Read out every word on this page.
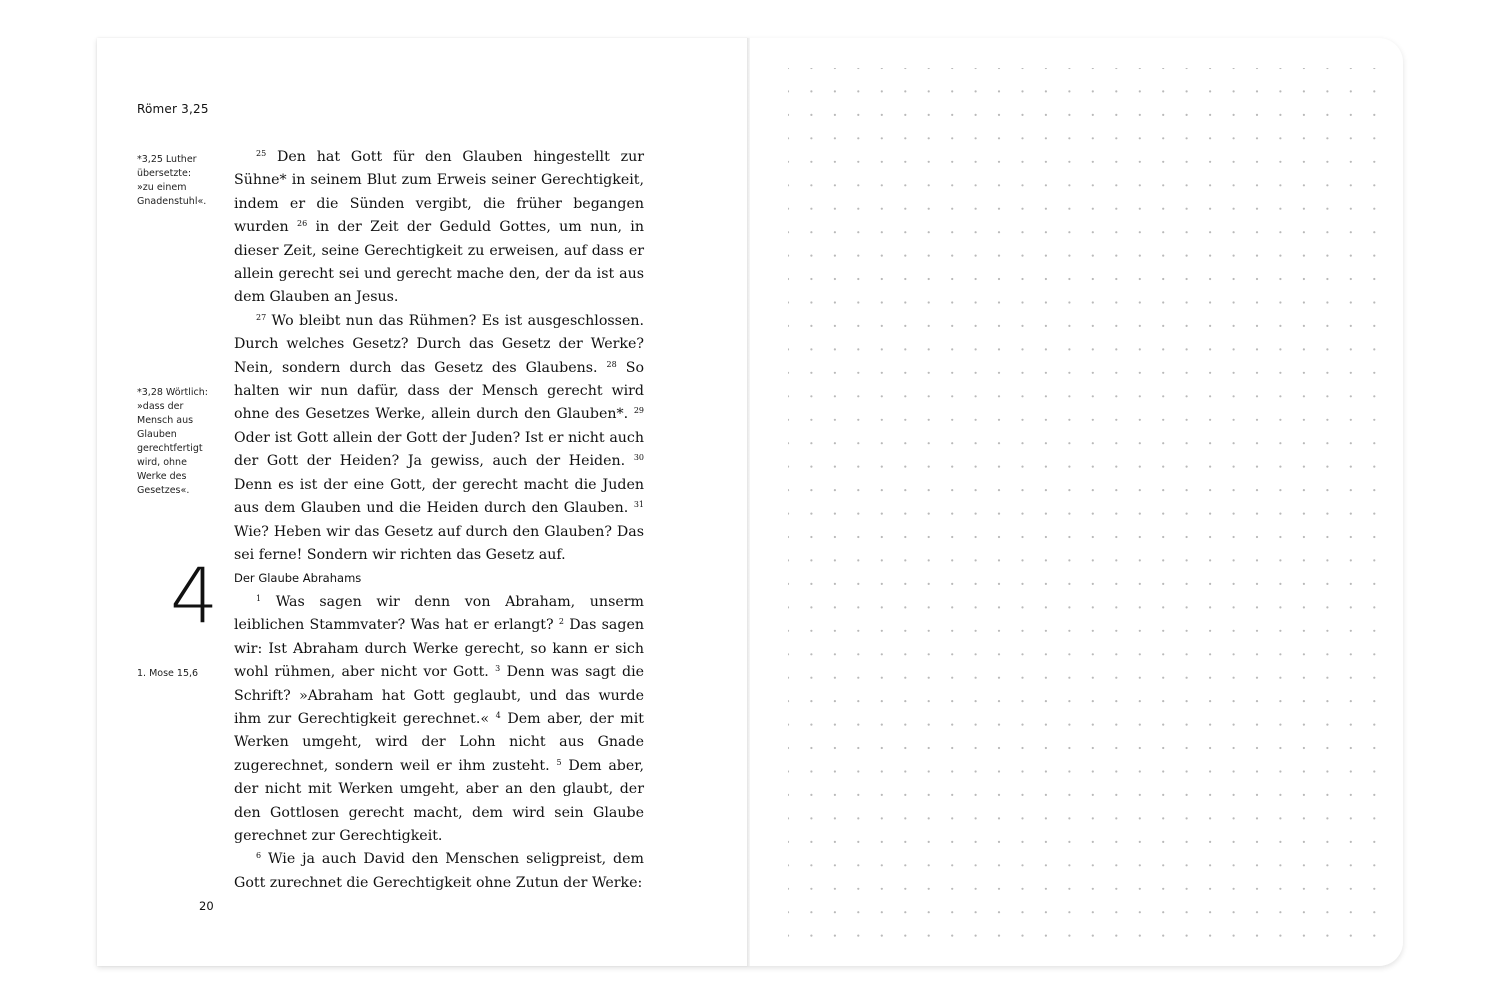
Römer 3,25
*3,25 Luther
übersetzte:
»zu einem
Gnadenstuhl«.
*3,28 Wörtlich:
»dass der
Mensch aus
Glauben
gerechtfertigt
wird, ohne
Werke des
Gesetzes«.
1. Mose 15,6

$^{25}$ Den hat Gott für den Glauben hingestellt zur Sühne* in seinem Blut zum Erweis seiner Gerechtigkeit, indem er die Sünden vergibt, die früher begangen wurden $^{26}$ in der Zeit der Geduld Gottes, um nun, in dieser Zeit, seine Gerechtigkeit zu erweisen, auf dass er allein gerecht sei und gerecht mache den, der da ist aus dem Glauben an Jesus.

$^{27}$ Wo bleibt nun das Rühmen? Es ist ausgeschlossen. Durch welches Gesetz? Durch das Gesetz der Werke? Nein, sondern durch das Gesetz des Glaubens. $^{28}$ So halten wir nun dafür, dass der Mensch gerecht wird ohne des Gesetzes Werke, allein durch den Glauben*. $^{29}$ Oder ist Gott allein der Gott der Juden? Ist er nicht auch der Gott der Heiden? Ja gewiss, auch der Heiden. $^{30}$ Denn es ist der eine Gott, der gerecht macht die Juden aus dem Glauben und die Heiden durch den Glauben. $^{31}$ Wie? Heben wir das Gesetz auf durch den Glauben? Das sei ferne! Sondern wir richten das Gesetz auf.

4 Der Glaube Abrahams

$^1$ Was sagen wir denn von Abraham, unserm leiblichen Stammvater? Was hat er erlangt? $^2$ Das sagen wir: Ist Abraham durch Werke gerecht, so kann er sich wohl rühmen, aber nicht vor Gott. $^3$ Denn was sagt die Schrift? »Abraham hat Gott geglaubt, und das wurde ihm zur Gerechtigkeit gerechnet.« $^4$ Dem aber, der mit Werken umgeht, wird der Lohn nicht aus Gnade zugerechnet, sondern weil er ihm zusteht. $^5$ Dem aber, der nicht mit Werken umgeht, aber an den glaubt, der den Gottlosen gerecht macht, dem wird sein Glaube gerechnet zur Gerechtigkeit.

$^6$ Wie ja auch David den Menschen seligpreist, dem Gott zurechnet die Gerechtigkeit ohne Zutun der Werke:

20
